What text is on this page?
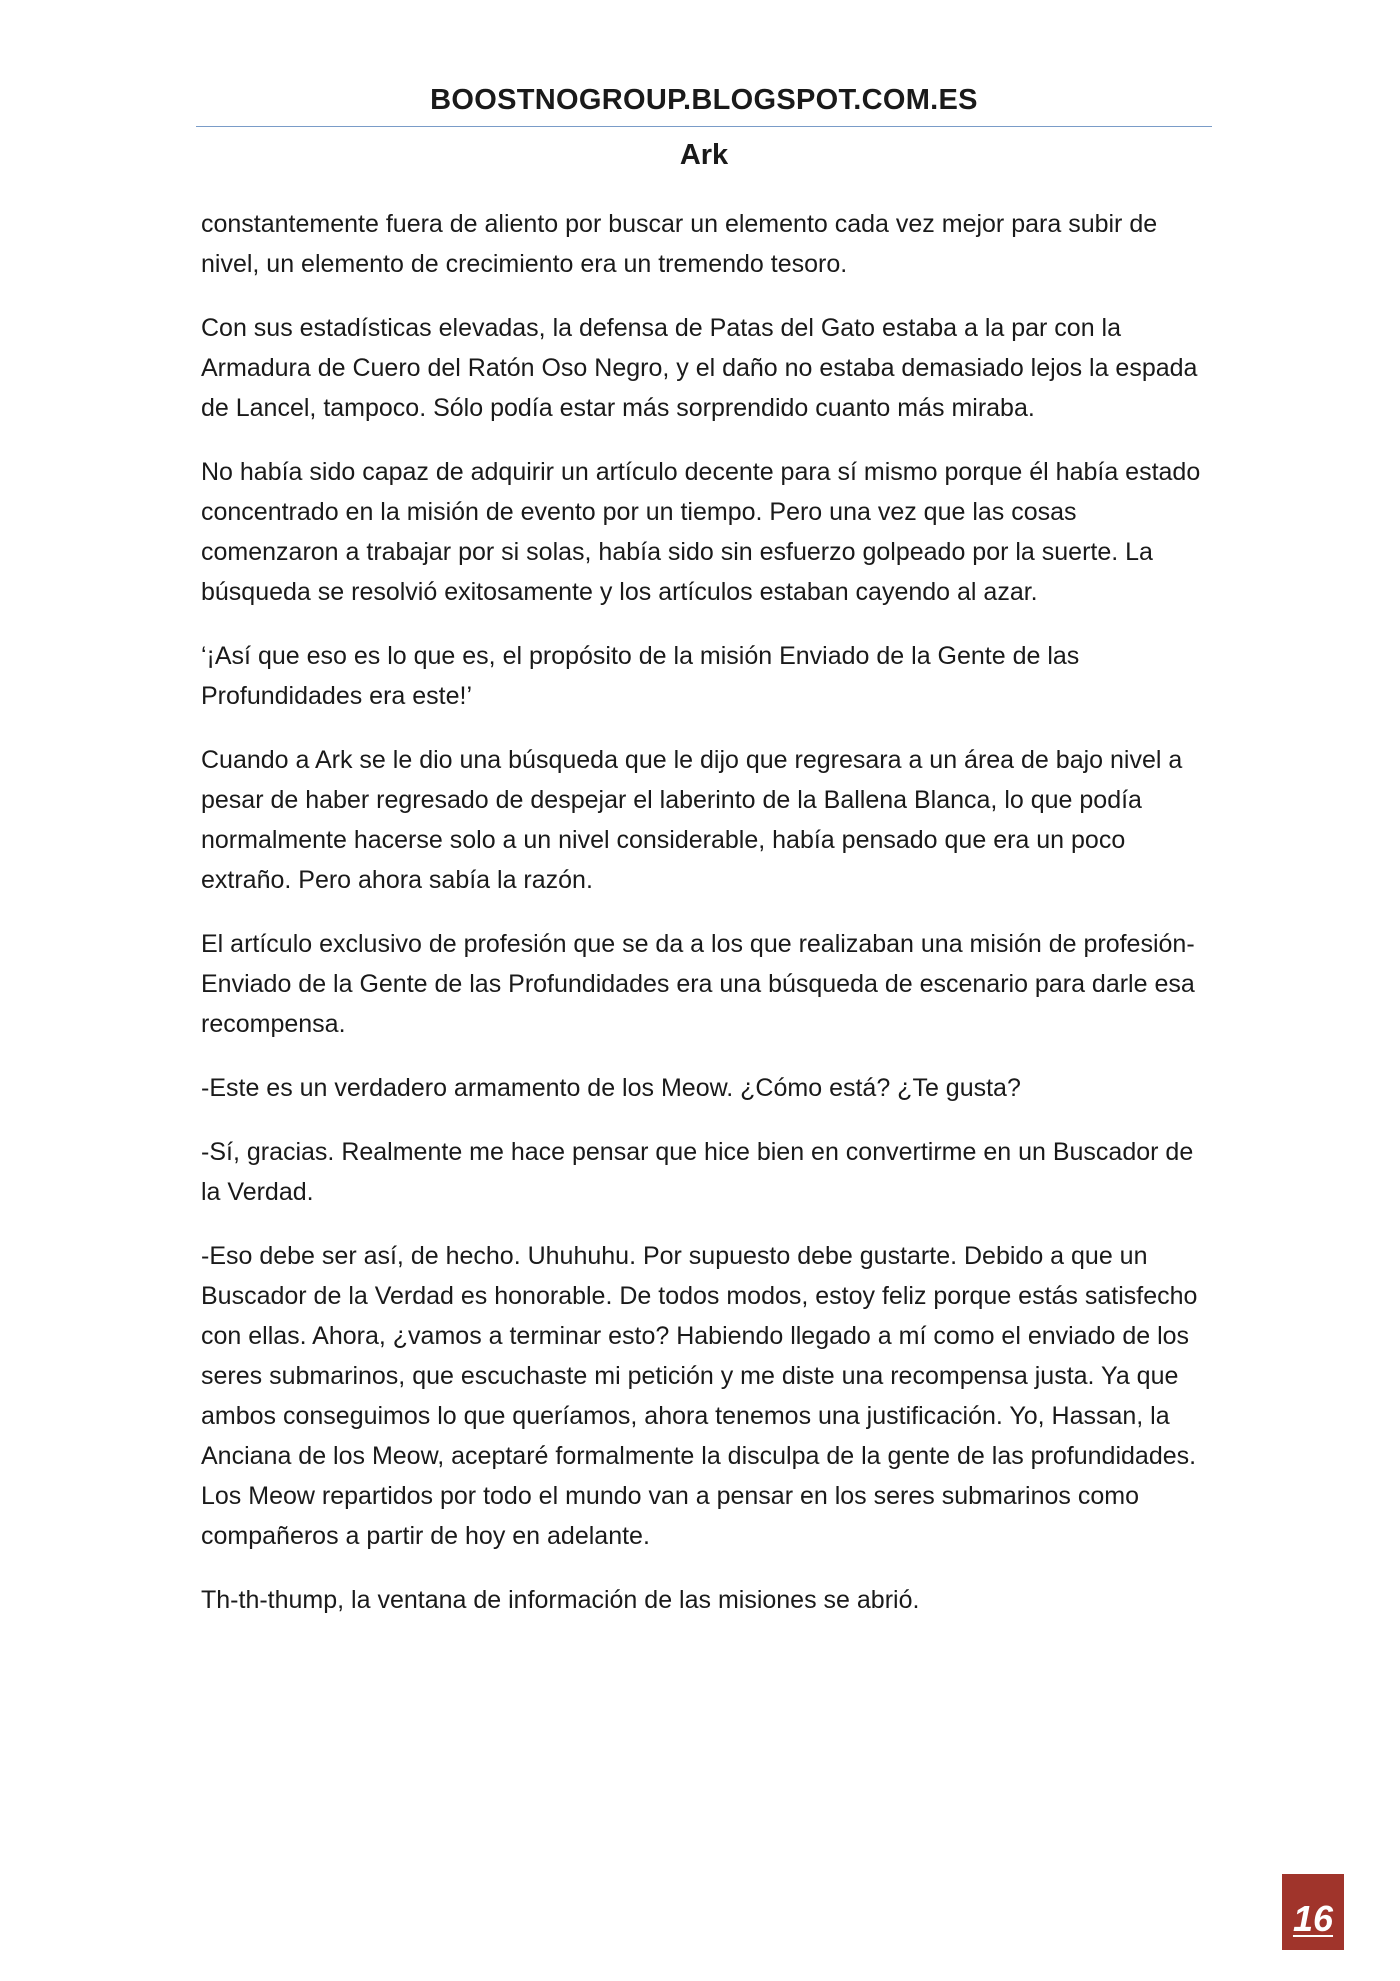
BOOSTNOGROUP.BLOGSPOT.COM.ES
Ark

constantemente fuera de aliento por buscar un elemento cada vez mejor para subir de nivel, un elemento de crecimiento era un tremendo tesoro.

Con sus estadísticas elevadas, la defensa de Patas del Gato estaba a la par con la Armadura de Cuero del Ratón Oso Negro, y el daño no estaba demasiado lejos la espada de Lancel, tampoco. Sólo podía estar más sorprendido cuanto más miraba.

No había sido capaz de adquirir un artículo decente para sí mismo porque él había estado concentrado en la misión de evento por un tiempo. Pero una vez que las cosas comenzaron a trabajar por si solas, había sido sin esfuerzo golpeado por la suerte. La búsqueda se resolvió exitosamente y los artículos estaban cayendo al azar.

‘¡Así que eso es lo que es, el propósito de la misión Enviado de la Gente de las Profundidades era este!’

Cuando a Ark se le dio una búsqueda que le dijo que regresara a un área de bajo nivel a pesar de haber regresado de despejar el laberinto de la Ballena Blanca, lo que podía normalmente hacerse solo a un nivel considerable, había pensado que era un poco extraño. Pero ahora sabía la razón.

El artículo exclusivo de profesión que se da a los que realizaban una misión de profesión- Enviado de la Gente de las Profundidades era una búsqueda de escenario para darle esa recompensa.

-Este es un verdadero armamento de los Meow. ¿Cómo está? ¿Te gusta?

-Sí, gracias. Realmente me hace pensar que hice bien en convertirme en un Buscador de la Verdad.

-Eso debe ser así, de hecho. Uhuhuhu. Por supuesto debe gustarte. Debido a que un Buscador de la Verdad es honorable. De todos modos, estoy feliz porque estás satisfecho con ellas. Ahora, ¿vamos a terminar esto? Habiendo llegado a mí como el enviado de los seres submarinos, que escuchaste mi petición y me diste una recompensa justa. Ya que ambos conseguimos lo que queríamos, ahora tenemos una justificación. Yo, Hassan, la Anciana de los Meow, aceptaré formalmente la disculpa de la gente de las profundidades. Los Meow repartidos por todo el mundo van a pensar en los seres submarinos como compañeros a partir de hoy en adelante.

Th-th-thump, la ventana de información de las misiones se abrió.

16
